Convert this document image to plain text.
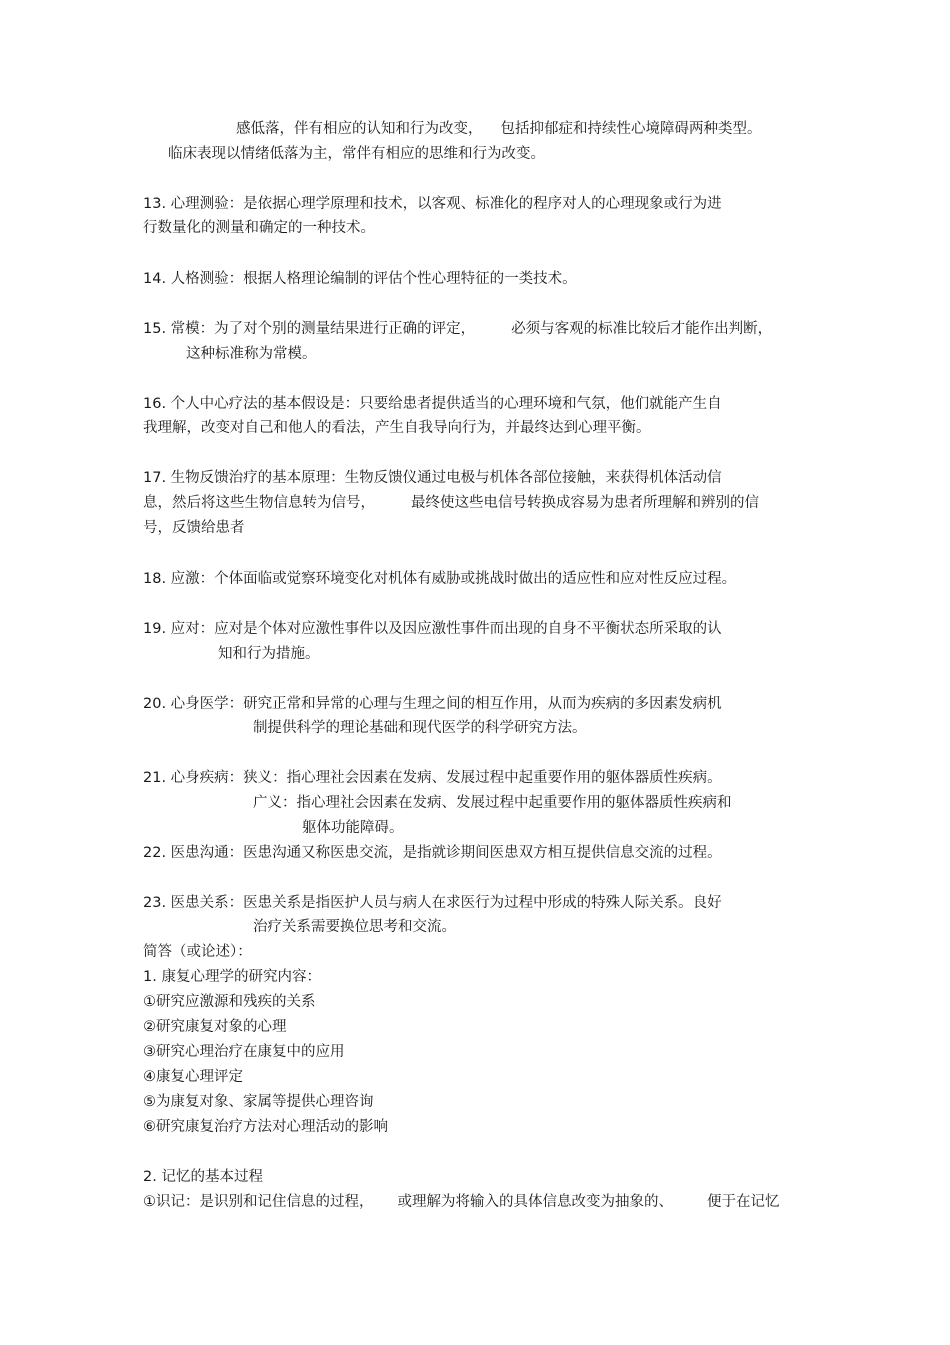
感低落，伴有相应的认知和行为改变， 包括抑郁症和持续性心境障碍两种类型。
临床表现以情绪低落为主，常伴有相应的思维和行为改变。
13. 心理测验：是依据心理学原理和技术，以客观、标准化的程序对人的心理现象或行为进
行数量化的测量和确定的一种技术。
14. 人格测验：根据人格理论编制的评估个性心理特征的一类技术。
15. 常模：为了对个别的测量结果进行正确的评定， 必须与客观的标准比较后才能作出判断，
这种标准称为常模。
16. 个人中心疗法的基本假设是：只要给患者提供适当的心理环境和气氛，他们就能产生自
我理解，改变对自己和他人的看法，产生自我导向行为，并最终达到心理平衡。
17. 生物反馈治疗的基本原理：生物反馈仪通过电极与机体各部位接触，来获得机体活动信
息，然后将这些生物信息转为信号， 最终使这些电信号转换成容易为患者所理解和辨别的信
号，反馈给患者
18. 应激：个体面临或觉察环境变化对机体有威胁或挑战时做出的适应性和应对性反应过程。
19. 应对：应对是个体对应激性事件以及因应激性事件而出现的自身不平衡状态所采取的认
知和行为措施。
20. 心身医学：研究正常和异常的心理与生理之间的相互作用，从而为疾病的多因素发病机
制提供科学的理论基础和现代医学的科学研究方法。
21. 心身疾病：狭义：指心理社会因素在发病、发展过程中起重要作用的躯体器质性疾病。
广义：指心理社会因素在发病、发展过程中起重要作用的躯体器质性疾病和
躯体功能障碍。
22. 医患沟通：医患沟通又称医患交流，是指就诊期间医患双方相互提供信息交流的过程。
23. 医患关系：医患关系是指医护人员与病人在求医行为过程中形成的特殊人际关系。良好
治疗关系需要换位思考和交流。
简答（或论述）：
1. 康复心理学的研究内容：
①研究应激源和残疾的关系
②研究康复对象的心理
③研究心理治疗在康复中的应用
④康复心理评定
⑤为康复对象、家属等提供心理咨询
⑥研究康复治疗方法对心理活动的影响
2. 记忆的基本过程
①识记：是识别和记住信息的过程， 或理解为将输入的具体信息改变为抽象的、 便于在记忆
